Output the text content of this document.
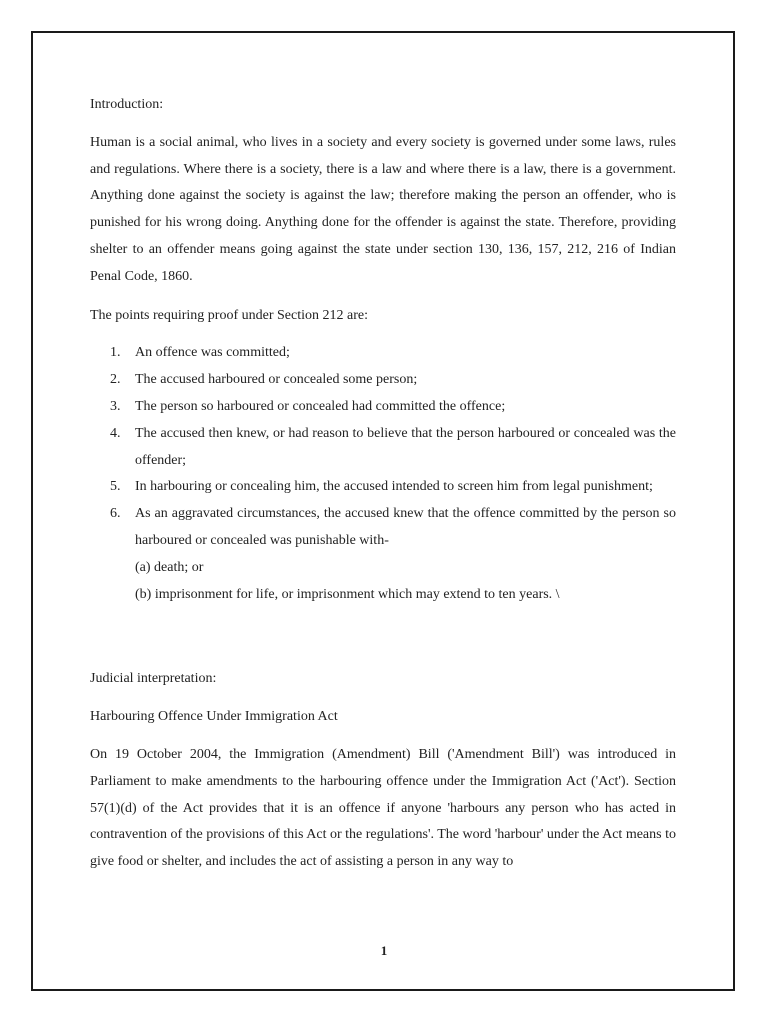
Introduction:

Human is a social animal, who lives in a society and every society is governed under some laws, rules and regulations. Where there is a society, there is a law and where there is a law, there is a government. Anything done against the society is against the law; therefore making the person an offender, who is punished for his wrong doing. Anything done for the offender is against the state. Therefore, providing shelter to an offender means going against the state under section 130, 136, 157, 212, 216 of Indian Penal Code, 1860.

The points requiring proof under Section 212 are:

1. An offence was committed;
2. The accused harboured or concealed some person;
3. The person so harboured or concealed had committed the offence;
4. The accused then knew, or had reason to believe that the person harboured or concealed was the offender;
5. In harbouring or concealing him, the accused intended to screen him from legal punishment;
6. As an aggravated circumstances, the accused knew that the offence committed by the person so harboured or concealed was punishable with-

(a) death; or

(b) imprisonment for life, or imprisonment which may extend to ten years. \

Judicial interpretation:

Harbouring Offence Under Immigration Act

On 19 October 2004, the Immigration (Amendment) Bill ('Amendment Bill') was introduced in Parliament to make amendments to the harbouring offence under the Immigration Act ('Act'). Section 57(1)(d) of the Act provides that it is an offence if anyone 'harbours any person who has acted in contravention of the provisions of this Act or the regulations'. The word 'harbour' under the Act means to give food or shelter, and includes the act of assisting a person in any way to

1
